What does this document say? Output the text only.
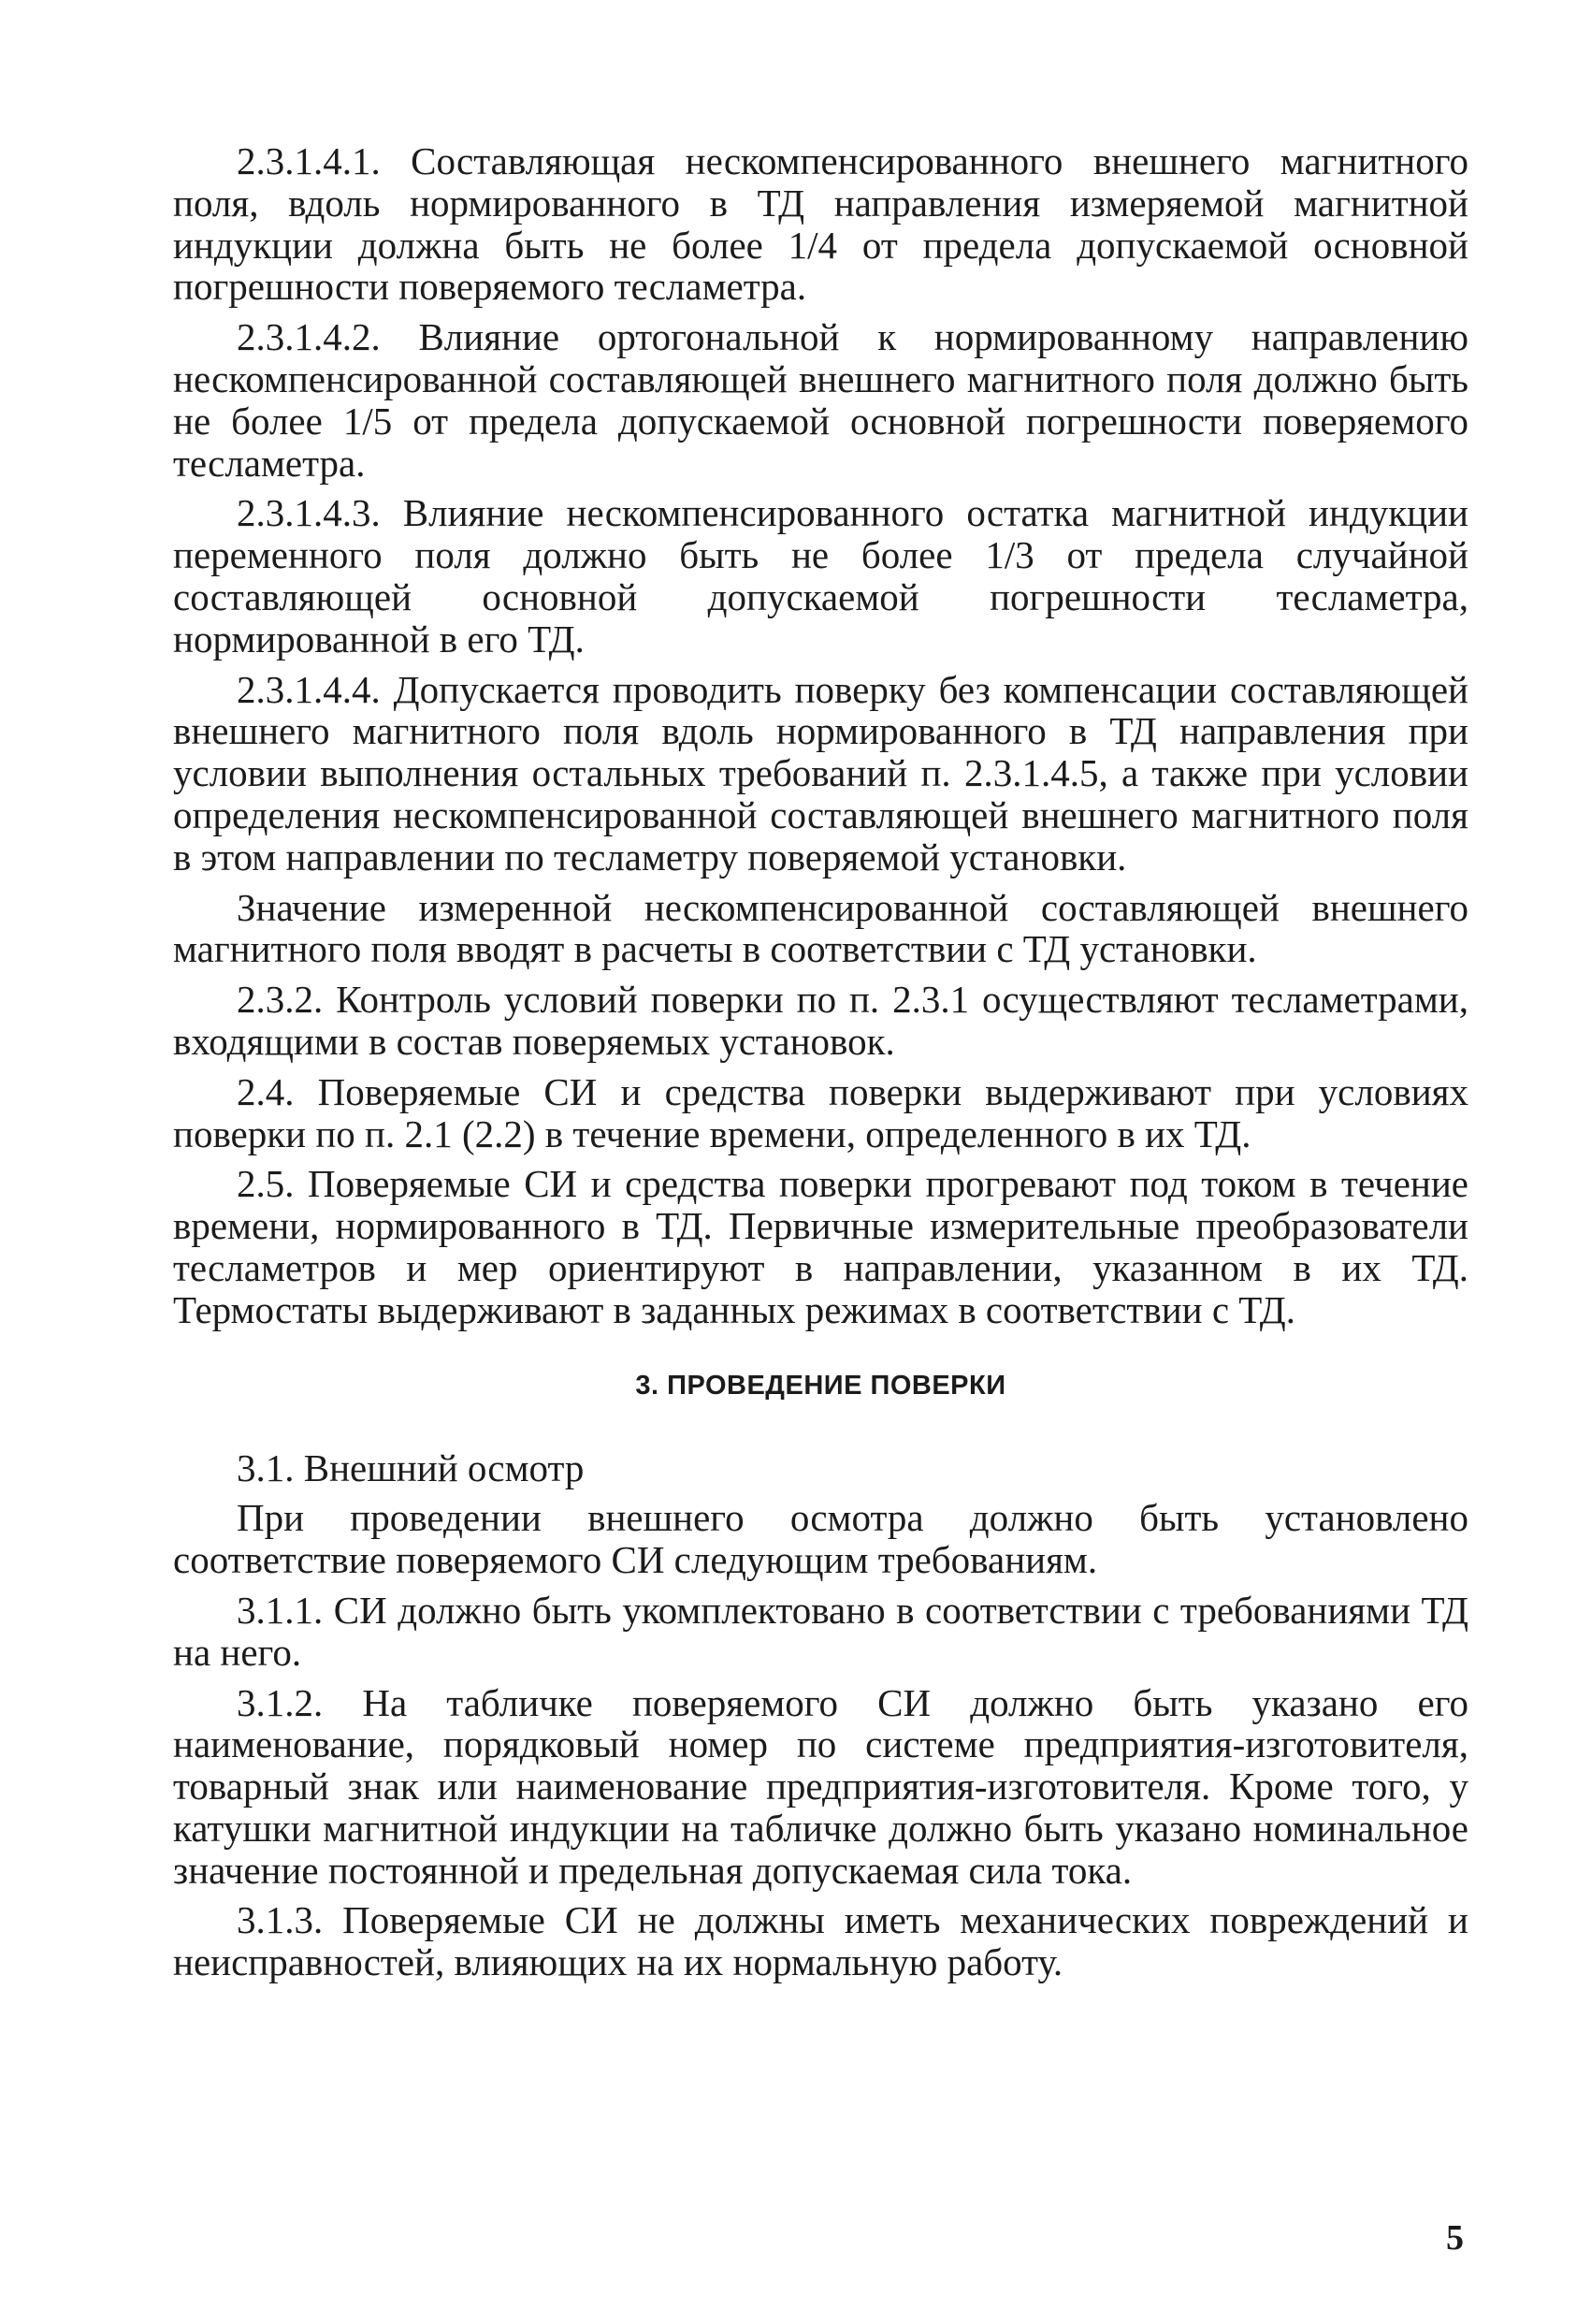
2.3.1.4.1. Составляющая нескомпенсированного внешнего магнитного поля, вдоль нормированного в ТД направления измеряемой магнитной индукции должна быть не более 1/4 от предела допускаемой основной погрешности поверяемого тесламетра.

2.3.1.4.2. Влияние ортогональной к нормированному направлению нескомпенсированной составляющей внешнего магнитного поля должно быть не более 1/5 от предела допускаемой основной погрешности поверяемого тесламетра.

2.3.1.4.3. Влияние нескомпенсированного остатка магнитной индукции переменного поля должно быть не более 1/3 от предела случайной составляющей основной допускаемой погрешности тесламетра, нормированной в его ТД.

2.3.1.4.4. Допускается проводить поверку без компенсации составляющей внешнего магнитного поля вдоль нормированного в ТД направления при условии выполнения остальных требований п. 2.3.1.4.5, а также при условии определения нескомпенсированной составляющей внешнего магнитного поля в этом направлении по тесламетру поверяемой установки.

Значение измеренной нескомпенсированной составляющей внешнего магнитного поля вводят в расчеты в соответствии с ТД установки.

2.3.2. Контроль условий поверки по п. 2.3.1 осуществляют тесламетрами, входящими в состав поверяемых установок.

2.4. Поверяемые СИ и средства поверки выдерживают при условиях поверки по п. 2.1 (2.2) в течение времени, определенного в их ТД.

2.5. Поверяемые СИ и средства поверки прогревают под током в течение времени, нормированного в ТД. Первичные измерительные преобразователи тесламетров и мер ориентируют в направлении, указанном в их ТД. Термостаты выдерживают в заданных режимах в соответствии с ТД.

3. ПРОВЕДЕНИЕ ПОВЕРКИ

3.1. Внешний осмотр

При проведении внешнего осмотра должно быть установлено соответствие поверяемого СИ следующим требованиям.

3.1.1. СИ должно быть укомплектовано в соответствии с требованиями ТД на него.

3.1.2. На табличке поверяемого СИ должно быть указано его наименование, порядковый номер по системе предприятия-изготовителя, товарный знак или наименование предприятия-изготовителя. Кроме того, у катушки магнитной индукции на табличке должно быть указано номинальное значение постоянной и предельная допускаемая сила тока.

3.1.3. Поверяемые СИ не должны иметь механических повреждений и неисправностей, влияющих на их нормальную работу.

5
